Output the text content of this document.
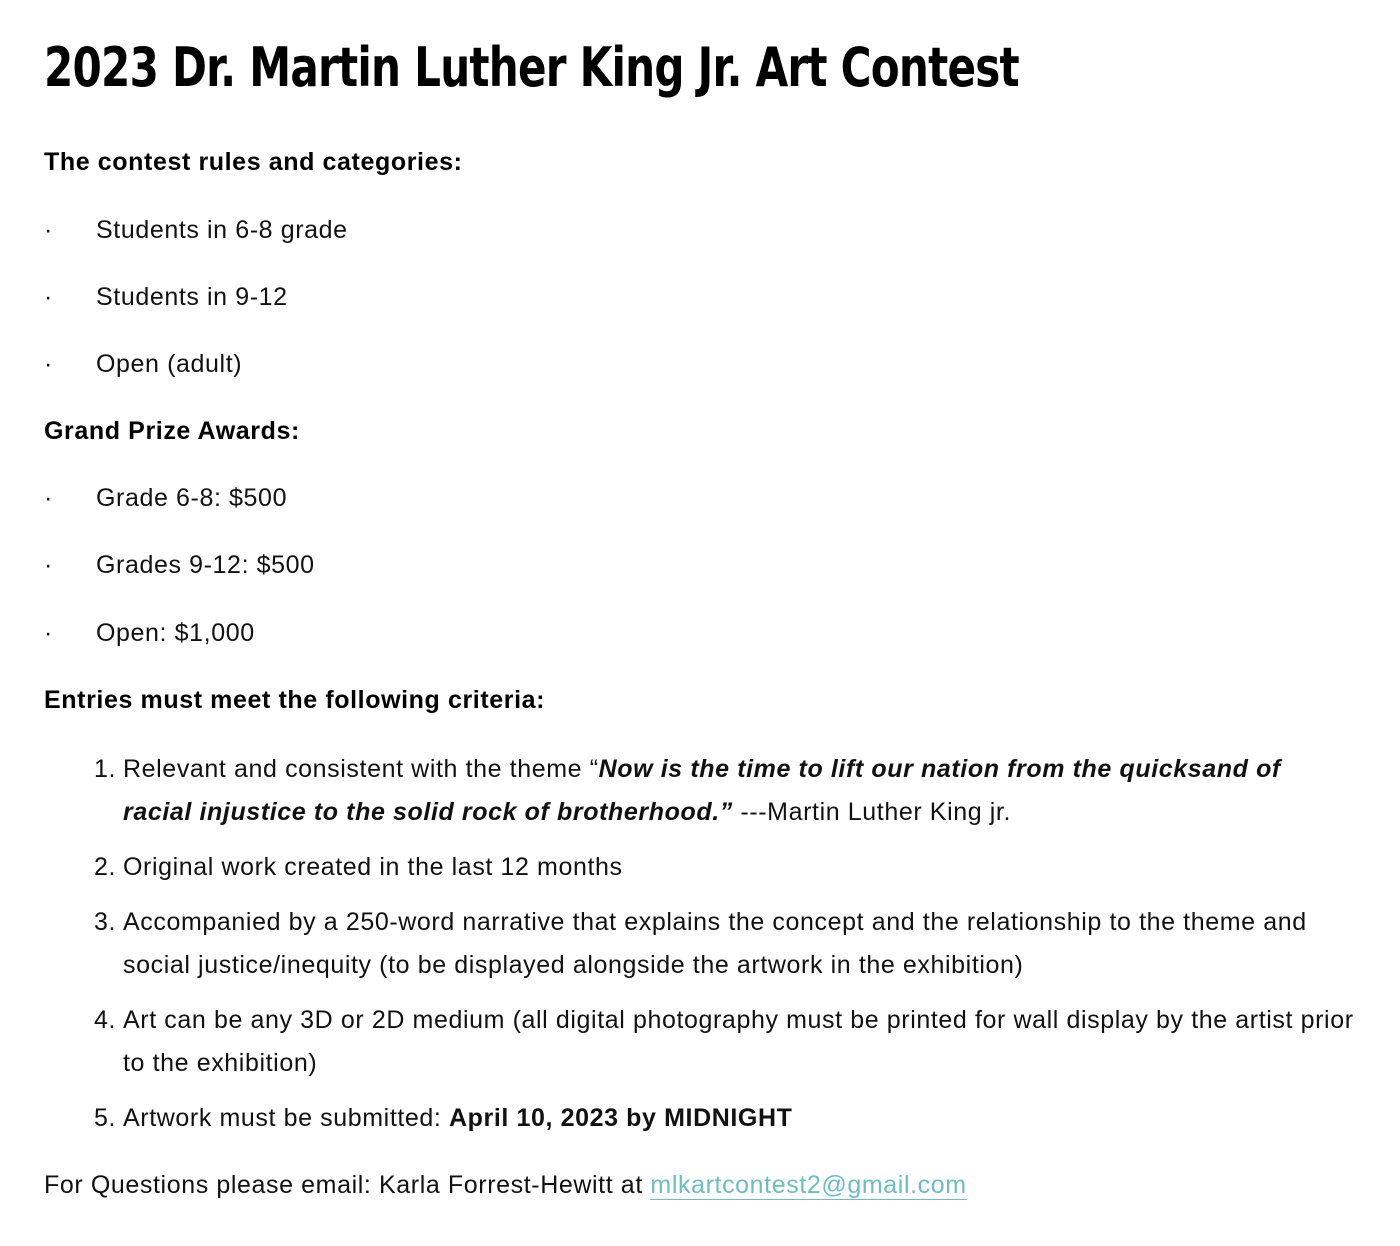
2023 Dr. Martin Luther King Jr. Art Contest
The contest rules and categories:
· Students in 6-8 grade
· Students in 9-12
· Open (adult)
Grand Prize Awards:
· Grade 6-8: $500
· Grades 9-12: $500
· Open: $1,000
Entries must meet the following criteria:
1. Relevant and consistent with the theme “Now is the time to lift our nation from the quicksand of racial injustice to the solid rock of brotherhood.” ---Martin Luther King jr.
2. Original work created in the last 12 months
3. Accompanied by a 250-word narrative that explains the concept and the relationship to the theme and social justice/inequity (to be displayed alongside the artwork in the exhibition)
4. Art can be any 3D or 2D medium (all digital photography must be printed for wall display by the artist prior to the exhibition)
5. Artwork must be submitted: April 10, 2023 by MIDNIGHT
For Questions please email: Karla Forrest-Hewitt at mlkartcontest2@gmail.com
